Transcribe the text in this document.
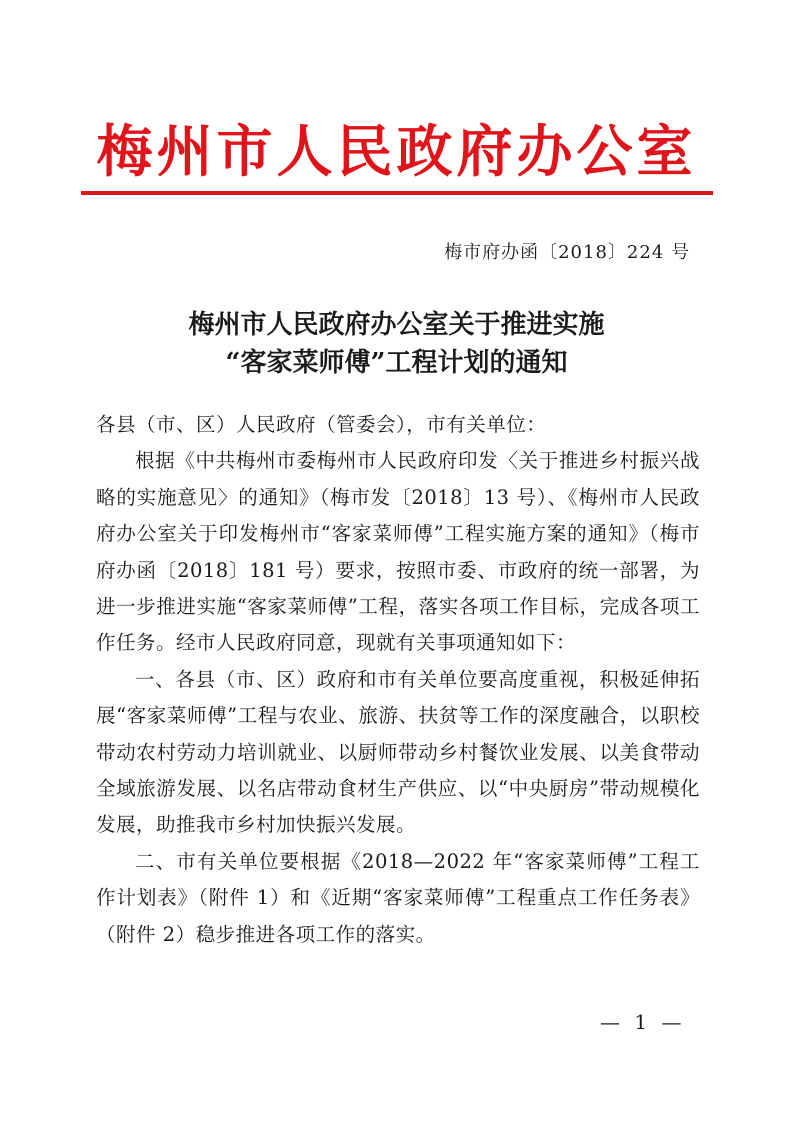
梅州市人民政府办公室
梅市府办函〔2018〕224 号
梅州市人民政府办公室关于推进实施
“客家菜师傅”工程计划的通知

各县（市、区）人民政府（管委会），市有关单位：

根据《中共梅州市委梅州市人民政府印发〈关于推进乡村振兴战略的实施意见〉的通知》（梅市发〔2018〕13 号）、《梅州市人民政府办公室关于印发梅州市“客家菜师傅”工程实施方案的通知》（梅市府办函〔2018〕181 号）要求，按照市委、市政府的统一部署，为进一步推进实施“客家菜师傅”工程，落实各项工作目标，完成各项工作任务。经市人民政府同意，现就有关事项通知如下：

一、各县（市、区）政府和市有关单位要高度重视，积极延伸拓展“客家菜师傅”工程与农业、旅游、扶贫等工作的深度融合，以职校带动农村劳动力培训就业、以厨师带动乡村餐饮业发展、以美食带动全域旅游发展、以名店带动食材生产供应、以“中央厨房”带动规模化发展，助推我市乡村加快振兴发展。

二、市有关单位要根据《2018—2022 年“客家菜师傅”工程工作计划表》（附件 1）和《近期“客家菜师傅”工程重点工作任务表》（附件 2）稳步推进各项工作的落实。

— 1 —
